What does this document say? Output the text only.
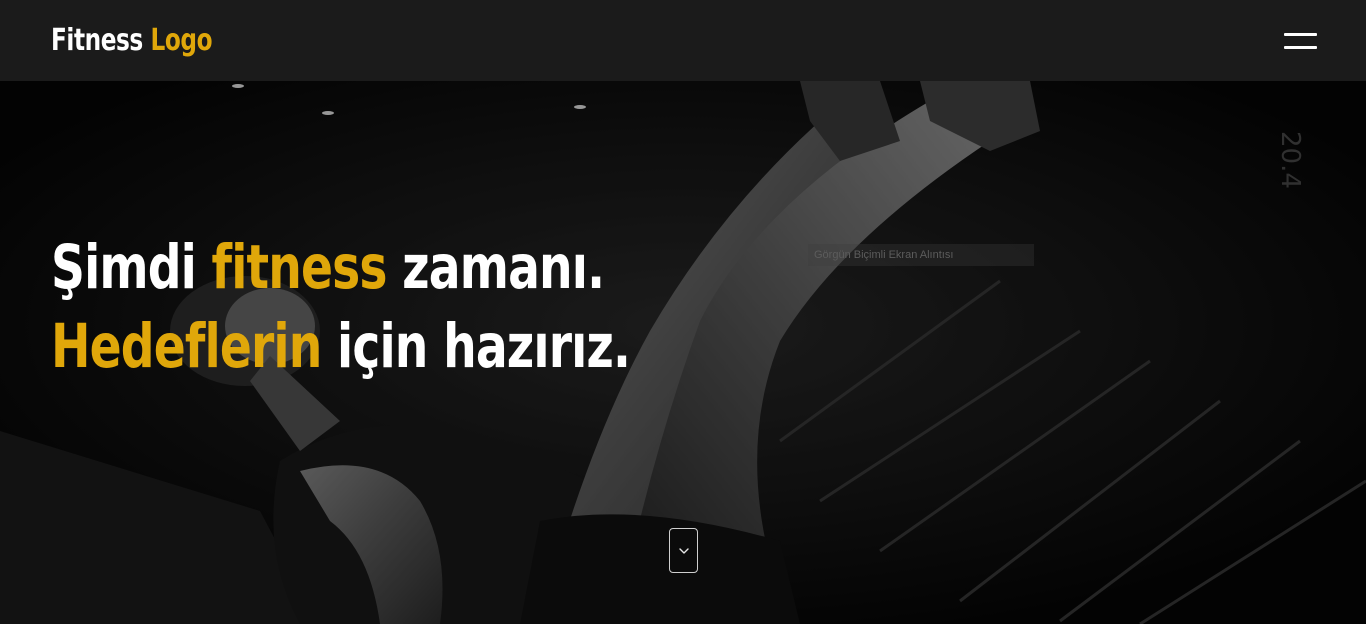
Fitness Logo
Görgün Biçimli Ekran Alıntısı
Şimdi fitness zamanı.
Hedeflerin için hazırız.
